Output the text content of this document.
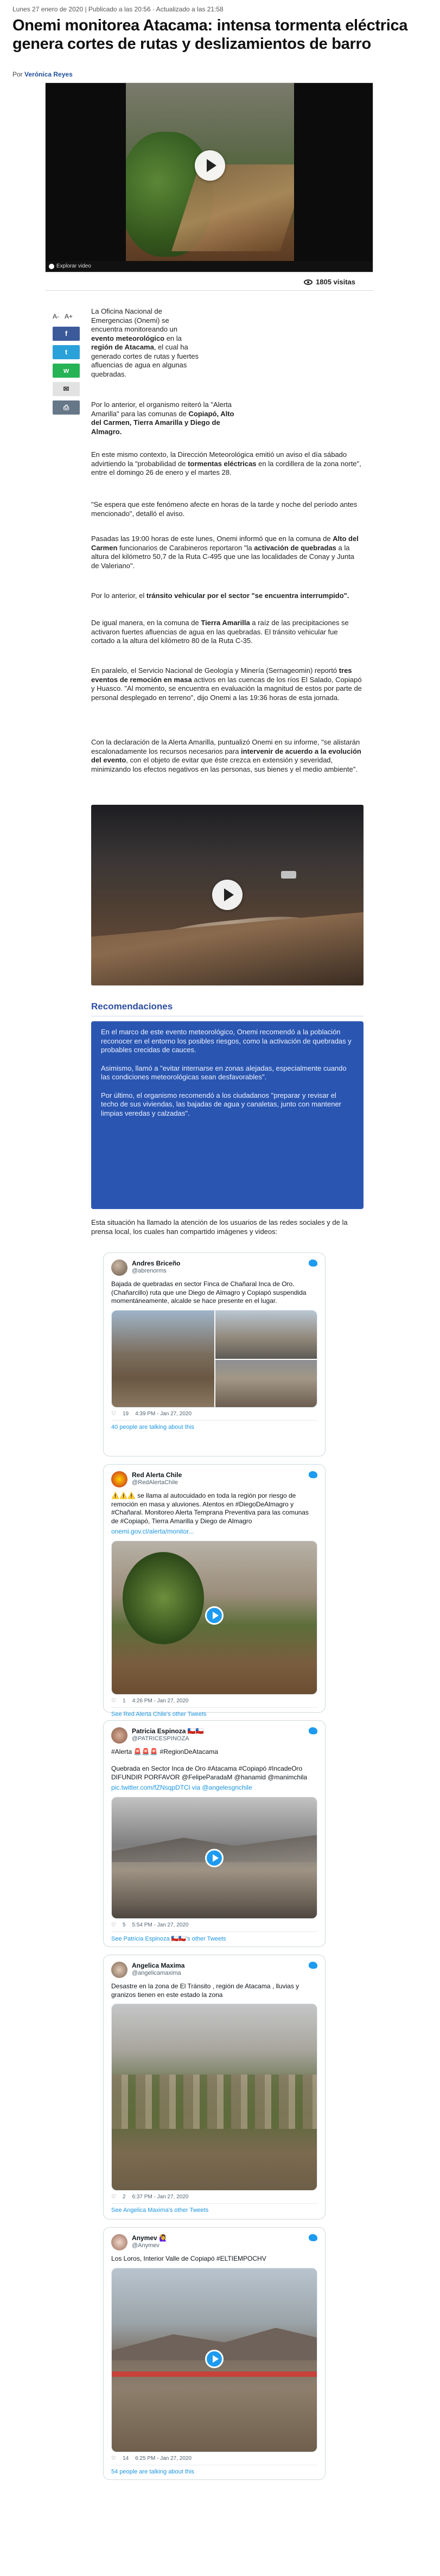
Lunes 27 enero de 2020 | Publicado a las 20:56 · Actualizado a las 21:58
Onemi monitorea Atacama: intensa tormenta eléctrica genera cortes de rutas y deslizamientos de barro
Por Verónica Reyes
Explorar video
1805 visitas
A- A+
f
t
w
✉
⎙

La Oficina Nacional de Emergencias (Onemi) se encuentra monitoreando un evento meteorológico en la región de Atacama, el cual ha generado cortes de rutas y fuertes afluencias de agua en algunas quebradas.

Por lo anterior, el organismo reiteró la "Alerta Amarilla" para las comunas de Copiapó, Alto del Carmen, Tierra Amarilla y Diego de Almagro.

En este mismo contexto, la Dirección Meteorológica emitió un aviso el día sábado advirtiendo la "probabilidad de tormentas eléctricas en la cordillera de la zona norte", entre el domingo 26 de enero y el martes 28.

"Se espera que este fenómeno afecte en horas de la tarde y noche del período antes mencionado", detalló el aviso.

Pasadas las 19:00 horas de este lunes, Onemi informó que en la comuna de Alto del Carmen funcionarios de Carabineros reportaron "la activación de quebradas a la altura del kilómetro 50,7 de la Ruta C-495 que une las localidades de Conay y Junta de Valeriano".

Por lo anterior, el tránsito vehicular por el sector "se encuentra interrumpido".

De igual manera, en la comuna de Tierra Amarilla a raíz de las precipitaciones se activaron fuertes afluencias de agua en las quebradas. El tránsito vehicular fue cortado a la altura del kilómetro 80 de la Ruta C-35.

En paralelo, el Servicio Nacional de Geología y Minería (Sernageomin) reportó tres eventos de remoción en masa activos en las cuencas de los ríos El Salado, Copiapó y Huasco. "Al momento, se encuentra en evaluación la magnitud de estos por parte de personal desplegado en terreno", dijo Onemi a las 19:36 horas de esta jornada.

Con la declaración de la Alerta Amarilla, puntualizó Onemi en su informe, "se alistarán escalonadamente los recursos necesarios para intervenir de acuerdo a la evolución del evento, con el objeto de evitar que éste crezca en extensión y severidad, minimizando los efectos negativos en las personas, sus bienes y el medio ambiente".

Recomendaciones

En el marco de este evento meteorológico, Onemi recomendó a la población reconocer en el entorno los posibles riesgos, como la activación de quebradas y probables crecidas de cauces.

Asimismo, llamó a "evitar internarse en zonas alejadas, especialmente cuando las condiciones meteorológicas sean desfavorables".

Por último, el organismo recomendó a los ciudadanos "preparar y revisar el techo de sus viviendas, las bajadas de agua y canaletas, junto con mantener limpias veredas y calzadas".

Esta situación ha llamado la atención de los usuarios de las redes sociales y de la prensa local, los cuales han compartido imágenes y videos:

Andres Briceño
@abrenorms
Bajada de quebradas en sector Finca de Chañaral Inca de Oro. (Chañarcillo) ruta que une Diego de Almagro y Copiapó suspendida momentáneamente, alcalde se hace presente en el lugar.
♡ 19 4:39 PM - Jan 27, 2020
40 people are talking about this
Red Alerta Chile
@RedAlertaChile
⚠️⚠️⚠️ se llama al autocuidado en toda la región por riesgo de remoción en masa y aluviones. Atentos en #DiegoDeAlmagro y #Chañaral. Monitoreo Alerta Temprana Preventiva para las comunas de #Copiapó, Tierra Amarilla y Diego de Almagro
onemi.gov.cl/alerta/monitor...
♡ 1 4:26 PM - Jan 27, 2020
See Red Alerta Chile's other Tweets
Patricia Espinoza 🇨🇱🇨🇱
@PATRICESPINOZA
#Alerta 🚨🚨🚨 #RegionDeAtacama

Quebrada en Sector Inca de Oro #Atacama #Copiapó #IncadeOro DIFUNDIR PORFAVOR @FelipeParadaM @hanamid @manimchila
pic.twitter.com/fZNsqpDTCl via @angelesgnchile
♡ 5 5:54 PM - Jan 27, 2020
See Patricia Espinoza 🇨🇱🇨🇱's other Tweets
Angelica Maxima
@angelicamaxima
Desastre en la zona de El Tránsito , región de Atacama , lluvias y granizos tienen en este estado la zona
♡ 2 6:37 PM - Jan 27, 2020
See Angelica Maxima's other Tweets
Anymev 🙋‍♀️
@Anymev
Los Loros, Interior Valle de Copiapó #ELTIEMPOCHV
♡ 14 6:25 PM - Jan 27, 2020
54 people are talking about this
